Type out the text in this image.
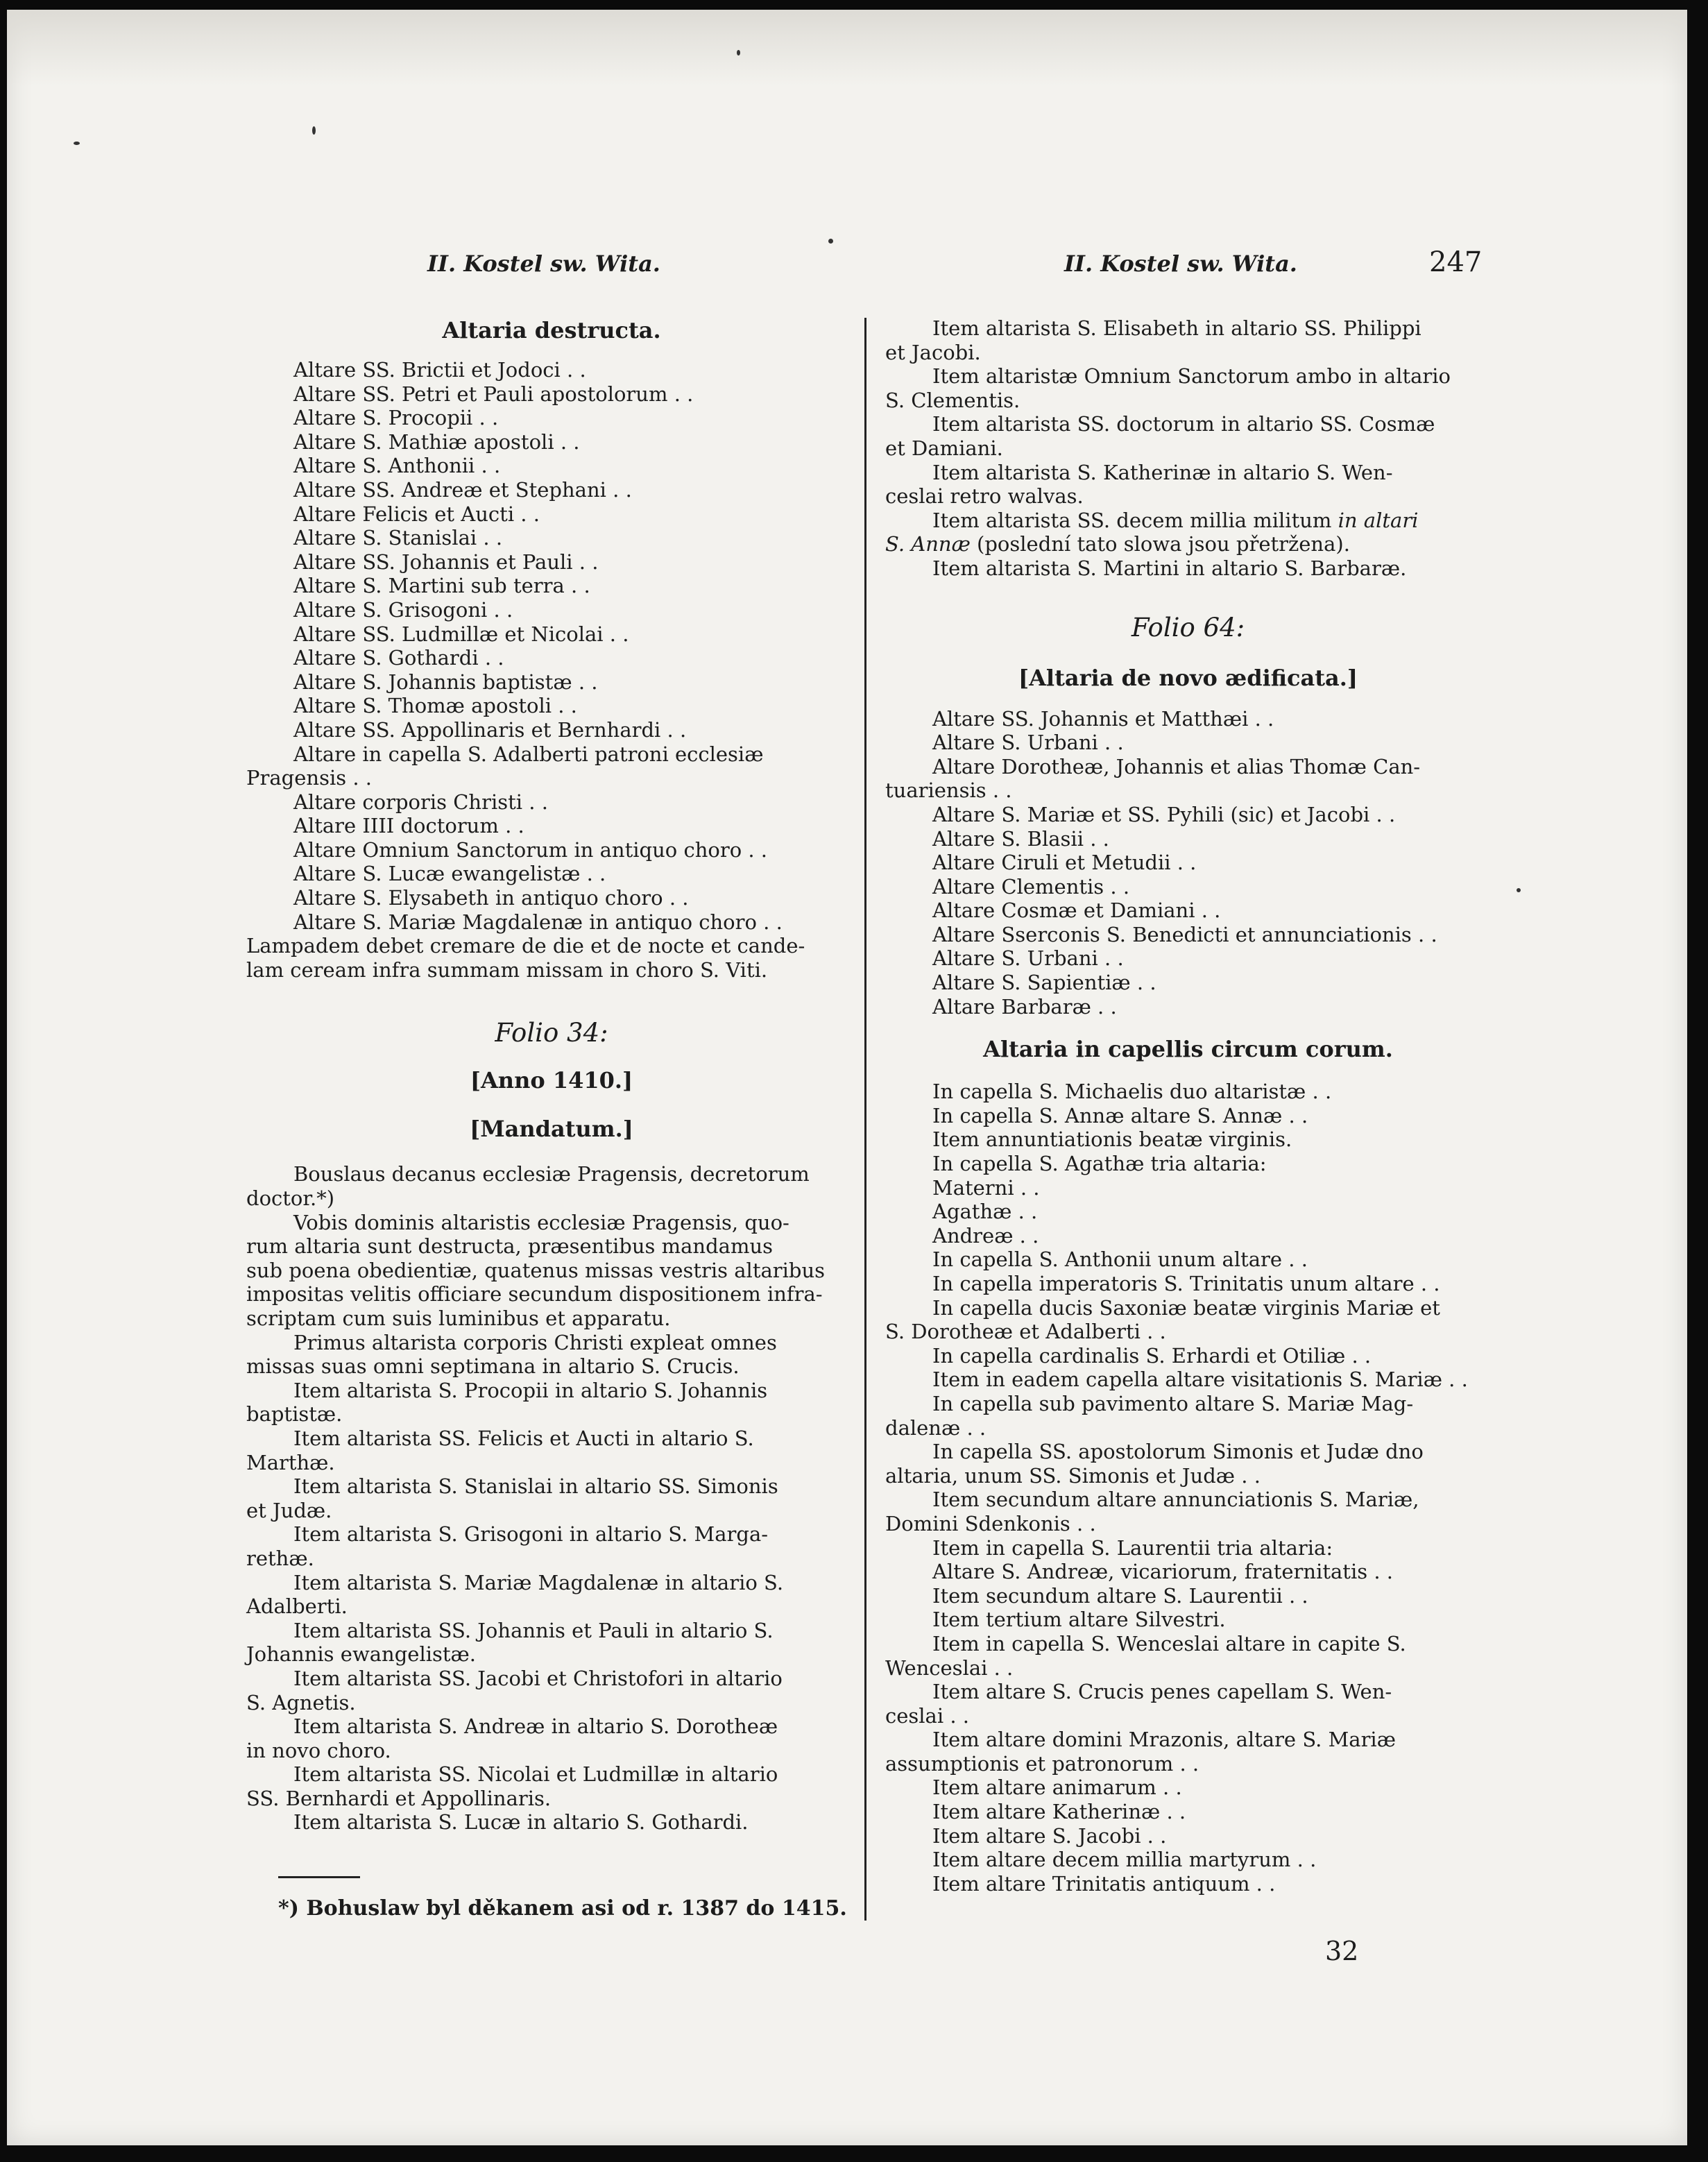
II. Kostel sw. Wita.	II. Kostel sw. Wita.	247
Altaria destructa.
Altare SS. Brictii et Jodoci . .
Altare SS. Petri et Pauli apostolorum . .
Altare S. Procopii . .
Altare S. Mathiæ apostoli . .
Altare S. Anthonii . .
Altare SS. Andreæ et Stephani . .
Altare Felicis et Aucti . .
Altare S. Stanislai . .
Altare SS. Johannis et Pauli . .
Altare S. Martini sub terra . .
Altare S. Grisogoni . .
Altare SS. Ludmillæ et Nicolai . .
Altare S. Gothardi . .
Altare S. Johannis baptistæ . .
Altare S. Thomæ apostoli . .
Altare SS. Appollinaris et Bernhardi . .
Altare in capella S. Adalberti patroni ecclesiæ
Pragensis . .
Altare corporis Christi . .
Altare IIII doctorum . .
Altare Omnium Sanctorum in antiquo choro . .
Altare S. Lucæ ewangelistæ . .
Altare S. Elysabeth in antiquo choro . .
Altare S. Mariæ Magdalenæ in antiquo choro . .
Lampadem debet cremare de die et de nocte et cande-
lam ceream infra summam missam in choro S. Viti.
Folio 34:
[Anno 1410.]
[Mandatum.]
Bouslaus decanus ecclesiæ Pragensis, decretorum
doctor.*)
Vobis dominis altaristis ecclesiæ Pragensis, quo-
rum altaria sunt destructa, præsentibus mandamus
sub poena obedientiæ, quatenus missas vestris altaribus
impositas velitis officiare secundum dispositionem infra-
scriptam cum suis luminibus et apparatu.
Primus altarista corporis Christi expleat omnes
missas suas omni septimana in altario S. Crucis.
Item altarista S. Procopii in altario S. Johannis
baptistæ.
Item altarista SS. Felicis et Aucti in altario S.
Marthæ.
Item altarista S. Stanislai in altario SS. Simonis
et Judæ.
Item altarista S. Grisogoni in altario S. Marga-
rethæ.
Item altarista S. Mariæ Magdalenæ in altario S.
Adalberti.
Item altarista SS. Johannis et Pauli in altario S.
Johannis ewangelistæ.
Item altarista SS. Jacobi et Christofori in altario
S. Agnetis.
Item altarista S. Andreæ in altario S. Dorotheæ
in novo choro.
Item altarista SS. Nicolai et Ludmillæ in altario
SS. Bernhardi et Appollinaris.
Item altarista S. Lucæ in altario S. Gothardi.
*) Bohuslaw byl děkanem asi od r. 1387 do 1415.
Item altarista S. Elisabeth in altario SS. Philippi
et Jacobi.
Item altaristæ Omnium Sanctorum ambo in altario
S. Clementis.
Item altarista SS. doctorum in altario SS. Cosmæ
et Damiani.
Item altarista S. Katherinæ in altario S. Wen-
ceslai retro walvas.
Item altarista SS. decem millia militum in altari
S. Annæ (poslední tato slowa jsou přetržena).
Item altarista S. Martini in altario S. Barbaræ.
Folio 64:
[Altaria de novo ædificata.]
Altare SS. Johannis et Matthæi . .
Altare S. Urbani . .
Altare Dorotheæ, Johannis et alias Thomæ Can-
tuariensis . .
Altare S. Mariæ et SS. Pyhili (sic) et Jacobi . .
Altare S. Blasii . .
Altare Ciruli et Metudii . .
Altare Clementis . .
Altare Cosmæ et Damiani . .
Altare Sserconis S. Benedicti et annunciationis . .
Altare S. Urbani . .
Altare S. Sapientiæ . .
Altare Barbaræ . .
Altaria in capellis circum corum.
In capella S. Michaelis duo altaristæ . .
In capella S. Annæ altare S. Annæ . .
Item annuntiationis beatæ virginis.
In capella S. Agathæ tria altaria:
Materni . .
Agathæ . .
Andreæ . .
In capella S. Anthonii unum altare . .
In capella imperatoris S. Trinitatis unum altare . .
In capella ducis Saxoniæ beatæ virginis Mariæ et
S. Dorotheæ et Adalberti . .
In capella cardinalis S. Erhardi et Otiliæ . .
Item in eadem capella altare visitationis S. Mariæ . .
In capella sub pavimento altare S. Mariæ Mag-
dalenæ . .
In capella SS. apostolorum Simonis et Judæ dno
altaria, unum SS. Simonis et Judæ . .
Item secundum altare annunciationis S. Mariæ,
Domini Sdenkonis . .
Item in capella S. Laurentii tria altaria:
Altare S. Andreæ, vicariorum, fraternitatis . .
Item secundum altare S. Laurentii . .
Item tertium altare Silvestri.
Item in capella S. Wenceslai altare in capite S.
Wenceslai . .
Item altare S. Crucis penes capellam S. Wen-
ceslai . .
Item altare domini Mrazonis, altare S. Mariæ
assumptionis et patronorum . .
Item altare animarum . .
Item altare Katherinæ . .
Item altare S. Jacobi . .
Item altare decem millia martyrum . .
Item altare Trinitatis antiquum . .
32
